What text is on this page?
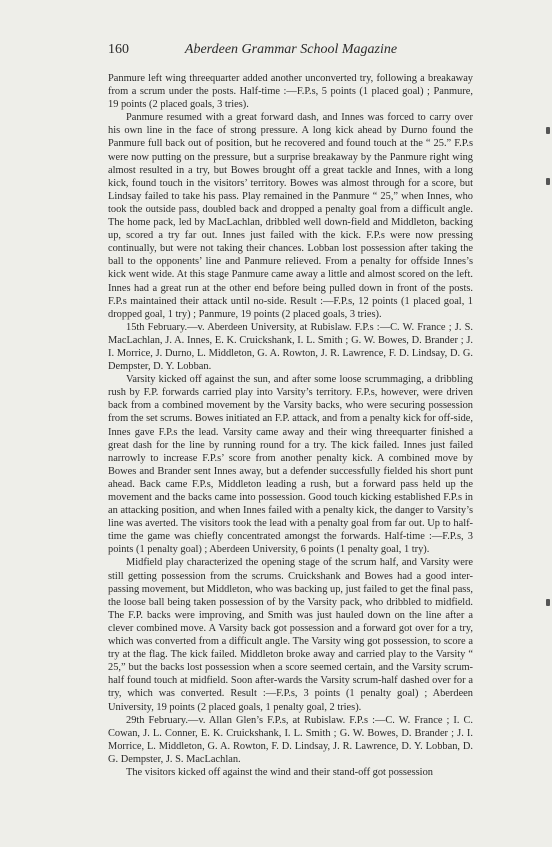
160	Aberdeen Grammar School Magazine

Panmure left wing threequarter added another unconverted try, following a breakaway from a scrum under the posts. Half-time :—F.P.s, 5 points (1 placed goal) ; Panmure, 19 points (2 placed goals, 3 tries).

Panmure resumed with a great forward dash, and Innes was forced to carry over his own line in the face of strong pressure. A long kick ahead by Durno found the Panmure full back out of position, but he recovered and found touch at the “ 25.” F.P.s were now putting on the pressure, but a surprise breakaway by the Panmure right wing almost resulted in a try, but Bowes brought off a great tackle and Innes, with a long kick, found touch in the visitors’ territory. Bowes was almost through for a score, but Lindsay failed to take his pass. Play remained in the Panmure “ 25,” when Innes, who took the outside pass, doubled back and dropped a penalty goal from a difficult angle. The home pack, led by MacLachlan, dribbled well down-field and Middleton, backing up, scored a try far out. Innes just failed with the kick. F.P.s were now pressing continually, but were not taking their chances. Lobban lost possession after taking the ball to the opponents’ line and Panmure relieved. From a penalty for offside Innes’s kick went wide. At this stage Panmure came away a little and almost scored on the left. Innes had a great run at the other end before being pulled down in front of the posts. F.P.s maintained their attack until no-side. Result :—F.P.s, 12 points (1 placed goal, 1 dropped goal, 1 try) ; Panmure, 19 points (2 placed goals, 3 tries).

15th February.—v. Aberdeen University, at Rubislaw. F.P.s :—C. W. France ; J. S. MacLachlan, J. A. Innes, E. K. Cruickshank, I. L. Smith ; G. W. Bowes, D. Brander ; J. I. Morrice, J. Durno, L. Middleton, G. A. Rowton, J. R. Lawrence, F. D. Lindsay, D. G. Dempster, D. Y. Lobban.

Varsity kicked off against the sun, and after some loose scrummaging, a dribbling rush by F.P. forwards carried play into Varsity’s territory. F.P.s, however, were driven back from a combined movement by the Varsity backs, who were securing possession from the set scrums. Bowes initiated an F.P. attack, and from a penalty kick for off-side, Innes gave F.P.s the lead. Varsity came away and their wing threequarter finished a great dash for the line by running round for a try. The kick failed. Innes just failed narrowly to increase F.P.s’ score from another penalty kick. A combined move by Bowes and Brander sent Innes away, but a defender successfully fielded his short punt ahead. Back came F.P.s, Middleton leading a rush, but a forward pass held up the movement and the backs came into possession. Good touch kicking established F.P.s in an attacking position, and when Innes failed with a penalty kick, the danger to Varsity’s line was averted. The visitors took the lead with a penalty goal from far out. Up to half-time the game was chiefly concentrated amongst the forwards. Half-time :—F.P.s, 3 points (1 penalty goal) ; Aberdeen University, 6 points (1 penalty goal, 1 try).

Midfield play characterized the opening stage of the scrum half, and Varsity were still getting possession from the scrums. Cruickshank and Bowes had a good inter-passing movement, but Middleton, who was backing up, just failed to get the final pass, the loose ball being taken possession of by the Varsity pack, who dribbled to midfield. The F.P. backs were improving, and Smith was just hauled down on the line after a clever combined move. A Varsity back got possession and a forward got over for a try, which was converted from a difficult angle. The Varsity wing got possession, to score a try at the flag. The kick failed. Middleton broke away and carried play to the Varsity “ 25,” but the backs lost possession when a score seemed certain, and the Varsity scrum-half found touch at midfield. Soon after-wards the Varsity scrum-half dashed over for a try, which was converted. Result :—F.P.s, 3 points (1 penalty goal) ; Aberdeen University, 19 points (2 placed goals, 1 penalty goal, 2 tries).

29th February.—v. Allan Glen’s F.P.s, at Rubislaw. F.P.s :—C. W. France ; I. C. Cowan, J. L. Conner, E. K. Cruickshank, I. L. Smith ; G. W. Bowes, D. Brander ; J. I. Morrice, L. Middleton, G. A. Rowton, F. D. Lindsay, J. R. Lawrence, D. Y. Lobban, D. G. Dempster, J. S. MacLachlan.

The visitors kicked off against the wind and their stand-off got possession
